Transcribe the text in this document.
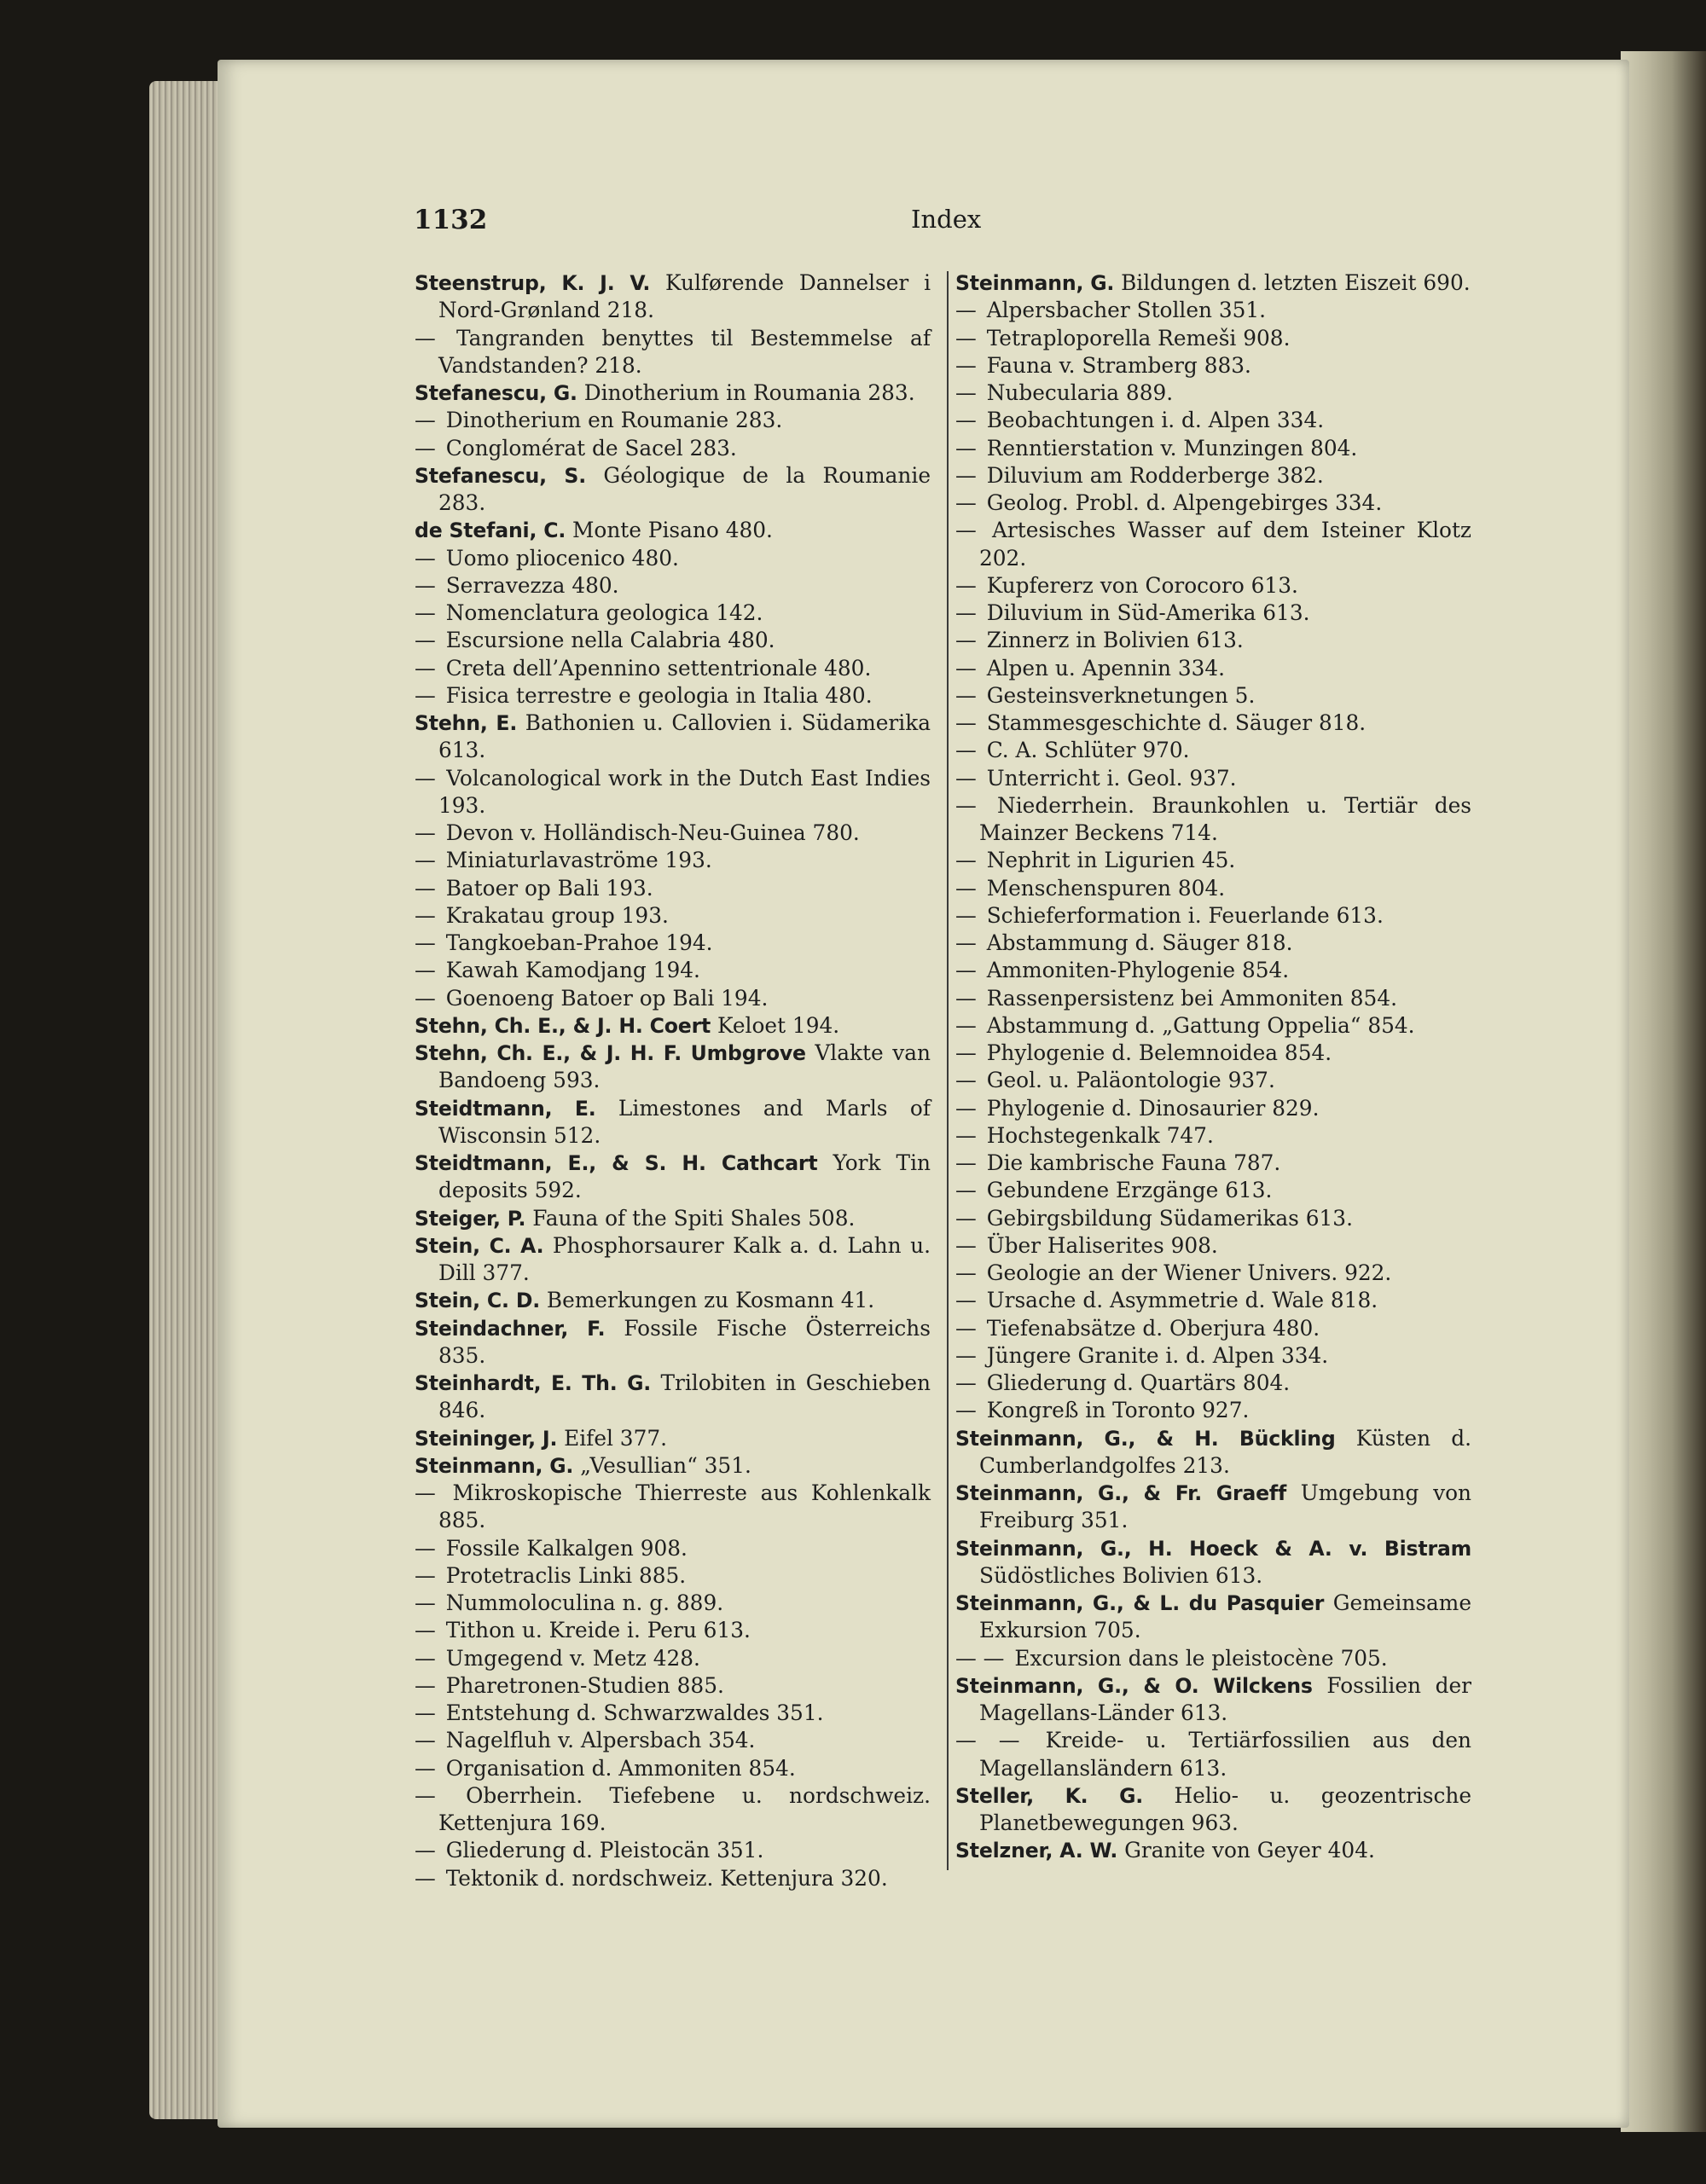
1132	Index
Steenstrup, K. J. V. Kulførende Dannelser i Nord-Grønland 218.
— Tangranden benyttes til Bestemmelse af Vandstanden? 218.
Stefanescu, G. Dinotherium in Roumania 283.
— Dinotherium en Roumanie 283.
— Conglomérat de Sacel 283.
Stefanescu, S. Géologique de la Roumanie 283.
de Stefani, C. Monte Pisano 480.
— Uomo pliocenico 480.
— Serravezza 480.
— Nomenclatura geologica 142.
— Escursione nella Calabria 480.
— Creta dell’Apennino settentrionale 480.
— Fisica terrestre e geologia in Italia 480.
Stehn, E. Bathonien u. Callovien i. Südamerika 613.
— Volcanological work in the Dutch East Indies 193.
— Devon v. Holländisch-Neu-Guinea 780.
— Miniaturlavaströme 193.
— Batoer op Bali 193.
— Krakatau group 193.
— Tangkoeban-Prahoe 194.
— Kawah Kamodjang 194.
— Goenoeng Batoer op Bali 194.
Stehn, Ch. E., & J. H. Coert Keloet 194.
Stehn, Ch. E., & J. H. F. Umbgrove Vlakte van Bandoeng 593.
Steidtmann, E. Limestones and Marls of Wisconsin 512.
Steidtmann, E., & S. H. Cathcart York Tin deposits 592.
Steiger, P. Fauna of the Spiti Shales 508.
Stein, C. A. Phosphorsaurer Kalk a. d. Lahn u. Dill 377.
Stein, C. D. Bemerkungen zu Kosmann 41.
Steindachner, F. Fossile Fische Österreichs 835.
Steinhardt, E. Th. G. Trilobiten in Geschieben 846.
Steininger, J. Eifel 377.
Steinmann, G. „Vesullian“ 351.
— Mikroskopische Thierreste aus Kohlenkalk 885.
— Fossile Kalkalgen 908.
— Protetraclis Linki 885.
— Nummoloculina n. g. 889.
— Tithon u. Kreide i. Peru 613.
— Umgegend v. Metz 428.
— Pharetronen-Studien 885.
— Entstehung d. Schwarzwaldes 351.
— Nagelfluh v. Alpersbach 354.
— Organisation d. Ammoniten 854.
— Oberrhein. Tiefebene u. nordschweiz. Kettenjura 169.
— Gliederung d. Pleistocän 351.
— Tektonik d. nordschweiz. Kettenjura 320.
Steinmann, G. Bildungen d. letzten Eiszeit 690.
— Alpersbacher Stollen 351.
— Tetraploporella Remeši 908.
— Fauna v. Stramberg 883.
— Nubecularia 889.
— Beobachtungen i. d. Alpen 334.
— Renntierstation v. Munzingen 804.
— Diluvium am Rodderberge 382.
— Geolog. Probl. d. Alpengebirges 334.
— Artesisches Wasser auf dem Isteiner Klotz 202.
— Kupfererz von Corocoro 613.
— Diluvium in Süd-Amerika 613.
— Zinnerz in Bolivien 613.
— Alpen u. Apennin 334.
— Gesteinsverknetungen 5.
— Stammesgeschichte d. Säuger 818.
— C. A. Schlüter 970.
— Unterricht i. Geol. 937.
— Niederrhein. Braunkohlen u. Tertiär des Mainzer Beckens 714.
— Nephrit in Ligurien 45.
— Menschenspuren 804.
— Schieferformation i. Feuerlande 613.
— Abstammung d. Säuger 818.
— Ammoniten-Phylogenie 854.
— Rassenpersistenz bei Ammoniten 854.
— Abstammung d. „Gattung Oppelia“ 854.
— Phylogenie d. Belemnoidea 854.
— Geol. u. Paläontologie 937.
— Phylogenie d. Dinosaurier 829.
— Hochstegenkalk 747.
— Die kambrische Fauna 787.
— Gebundene Erzgänge 613.
— Gebirgsbildung Südamerikas 613.
— Über Haliserites 908.
— Geologie an der Wiener Univers. 922.
— Ursache d. Asymmetrie d. Wale 818.
— Tiefenabsätze d. Oberjura 480.
— Jüngere Granite i. d. Alpen 334.
— Gliederung d. Quartärs 804.
— Kongreß in Toronto 927.
Steinmann, G., & H. Bückling Küsten d. Cumberlandgolfes 213.
Steinmann, G., & Fr. Graeff Umgebung von Freiburg 351.
Steinmann, G., H. Hoeck & A. v. Bistram Südöstliches Bolivien 613.
Steinmann, G., & L. du Pasquier Gemeinsame Exkursion 705.
— — Excursion dans le pleistocène 705.
Steinmann, G., & O. Wilckens Fossilien der Magellans-Länder 613.
— — Kreide- u. Tertiärfossilien aus den Magellansländern 613.
Steller, K. G. Helio- u. geozentrische Planetbewegungen 963.
Stelzner, A. W. Granite von Geyer 404.
